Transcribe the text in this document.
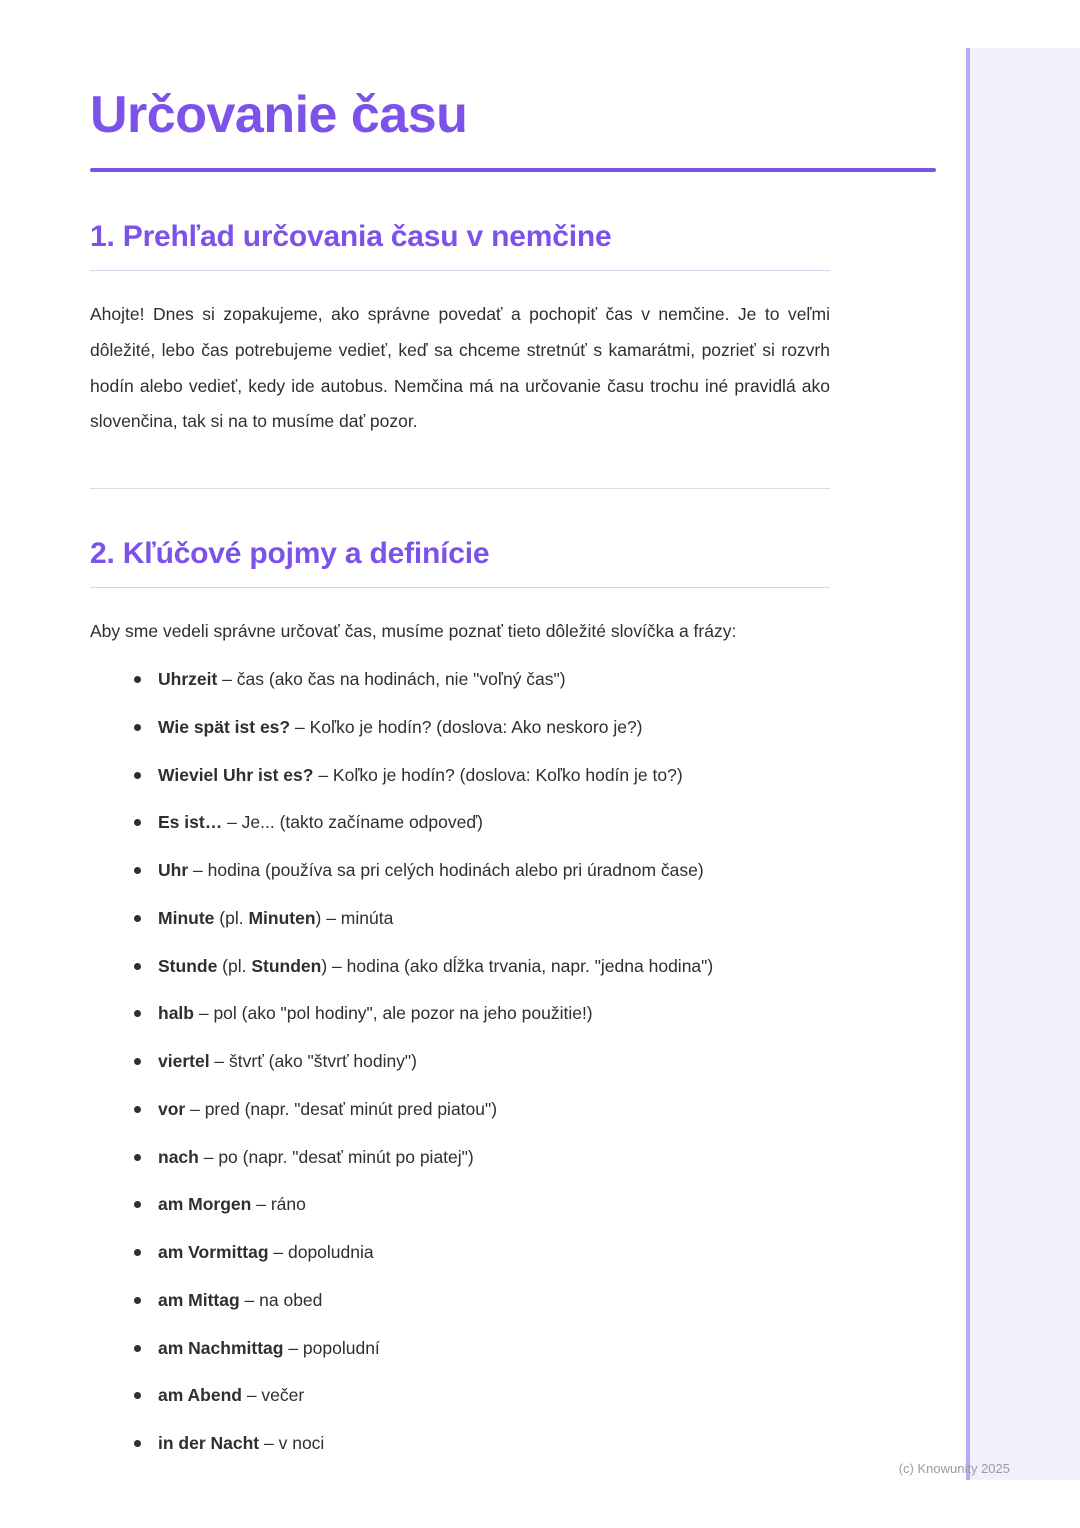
Určovanie času
1. Prehľad určovania času v nemčine

Ahojte! Dnes si zopakujeme, ako správne povedať a pochopiť čas v nemčine. Je to veľmi dôležité, lebo čas potrebujeme vedieť, keď sa chceme stretnúť s kamarátmi, pozrieť si rozvrh hodín alebo vedieť, kedy ide autobus. Nemčina má na určovanie času trochu iné pravidlá ako slovenčina, tak si na to musíme dať pozor.

2. Kľúčové pojmy a definície

Aby sme vedeli správne určovať čas, musíme poznať tieto dôležité slovíčka a frázy:

Uhrzeit – čas (ako čas na hodinách, nie "voľný čas")
Wie spät ist es? – Koľko je hodín? (doslova: Ako neskoro je?)
Wieviel Uhr ist es? – Koľko je hodín? (doslova: Koľko hodín je to?)
Es ist… – Je... (takto začíname odpoveď)
Uhr – hodina (používa sa pri celých hodinách alebo pri úradnom čase)
Minute (pl. Minuten) – minúta
Stunde (pl. Stunden) – hodina (ako dĺžka trvania, napr. "jedna hodina")
halb – pol (ako "pol hodiny", ale pozor na jeho použitie!)
viertel – štvrť (ako "štvrť hodiny")
vor – pred (napr. "desať minút pred piatou")
nach – po (napr. "desať minút po piatej")
am Morgen – ráno
am Vormittag – dopoludnia
am Mittag – na obed
am Nachmittag – popoludní
am Abend – večer
in der Nacht – v noci
(c) Knowunity 2025
